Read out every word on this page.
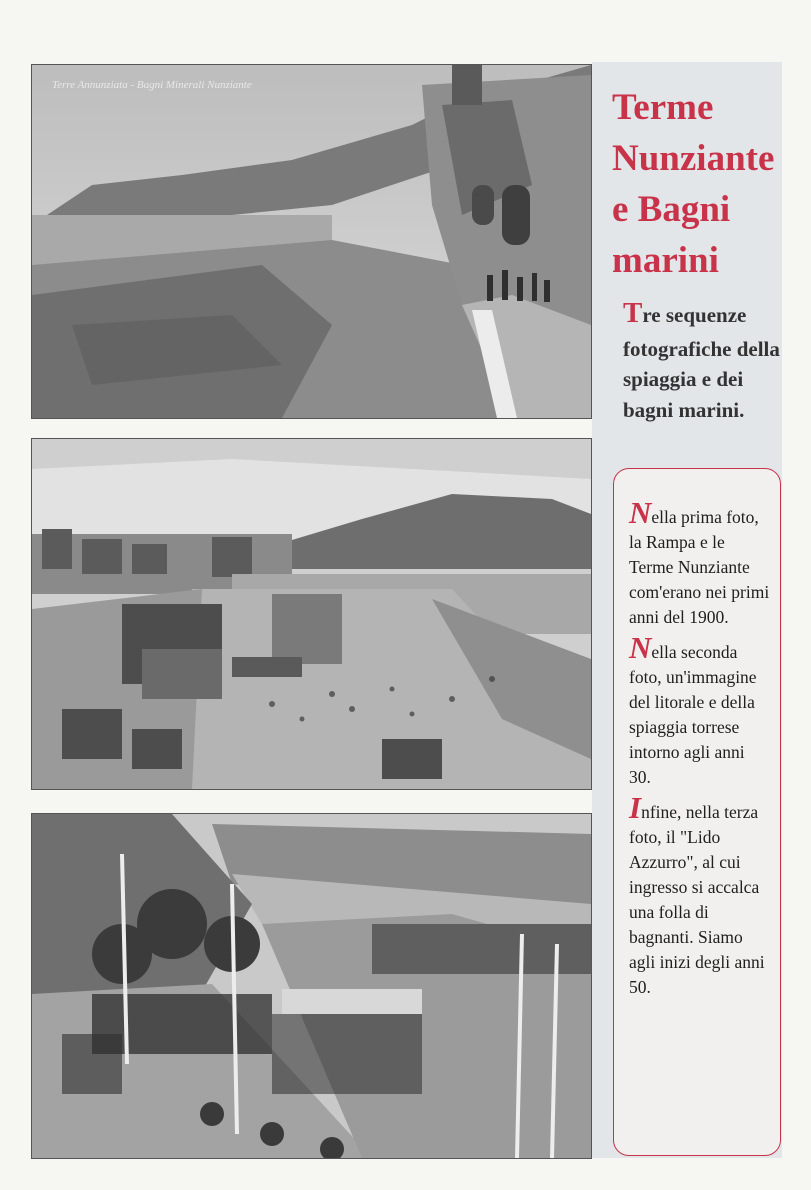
Terre Annunziata - Bagni Minerali Nunziante
Terme Nunziante e Bagni marini

Tre sequenze fotografiche della spiaggia e dei bagni marini.

Nella prima foto, la Rampa e le Terme Nunziante com'erano nei primi anni del 1900.

Nella seconda foto, un'immagine del litorale e della spiaggia torrese intorno agli anni 30.

Infine, nella terza foto, il "Lido Azzurro", al cui ingresso si accalca una folla di bagnanti. Siamo agli inizi degli anni 50.
